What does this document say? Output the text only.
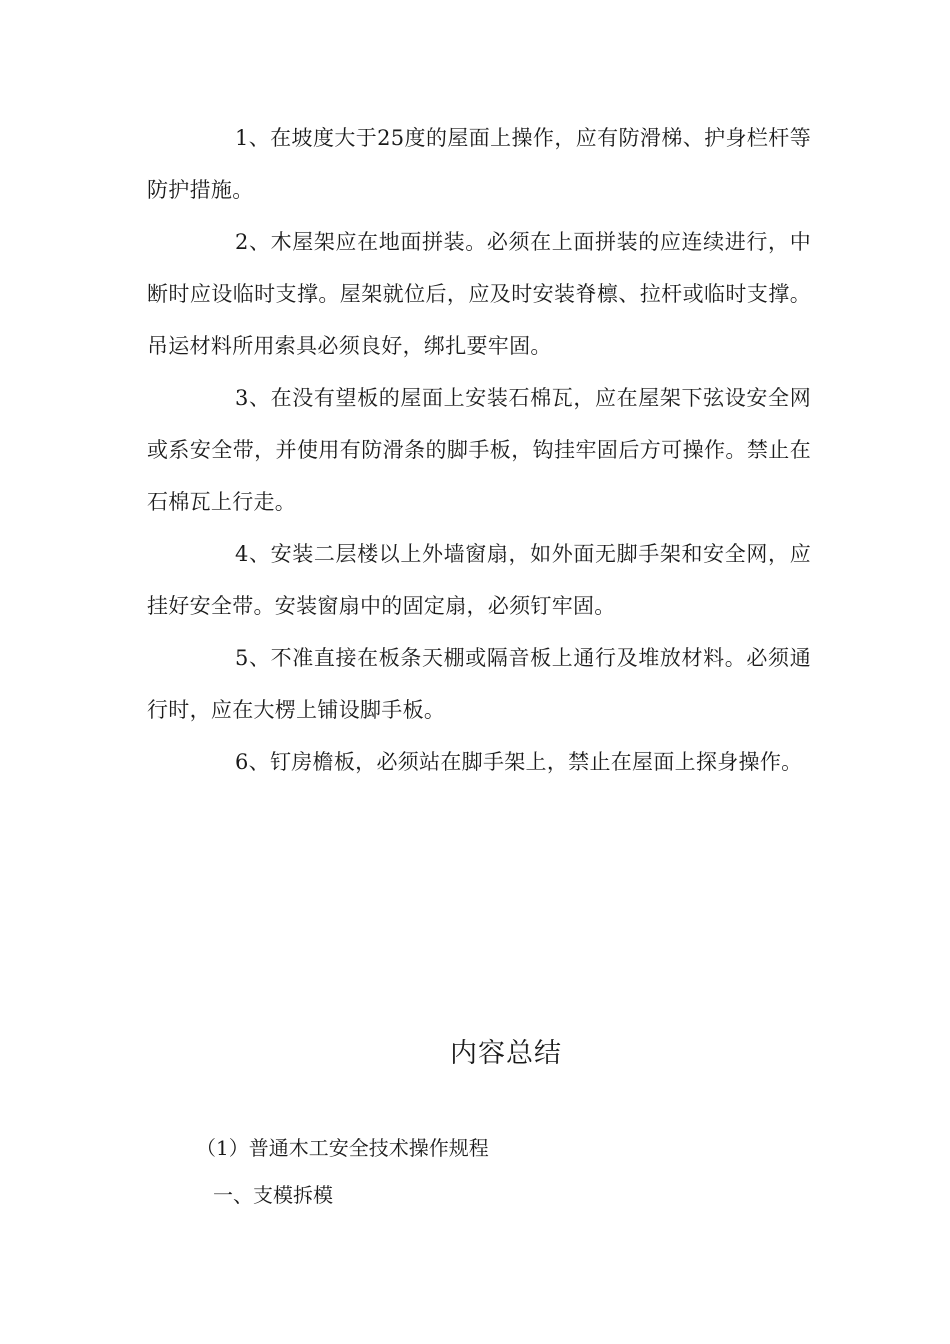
1、在坡度大于25度的屋面上操作，应有防滑梯、护身栏杆等防护措施。

2、木屋架应在地面拼装。必须在上面拼装的应连续进行，中断时应设临时支撑。屋架就位后，应及时安装脊檩、拉杆或临时支撑。吊运材料所用索具必须良好，绑扎要牢固。

3、在没有望板的屋面上安装石棉瓦，应在屋架下弦设安全网或系安全带，并使用有防滑条的脚手板，钩挂牢固后方可操作。禁止在石棉瓦上行走。

4、安装二层楼以上外墙窗扇，如外面无脚手架和安全网，应挂好安全带。安装窗扇中的固定扇，必须钉牢固。

5、不准直接在板条天棚或隔音板上通行及堆放材料。必须通行时，应在大楞上铺设脚手板。

6、钉房檐板，必须站在脚手架上，禁止在屋面上探身操作。

内容总结
（1）普通木工安全技术操作规程
一、支模拆模
